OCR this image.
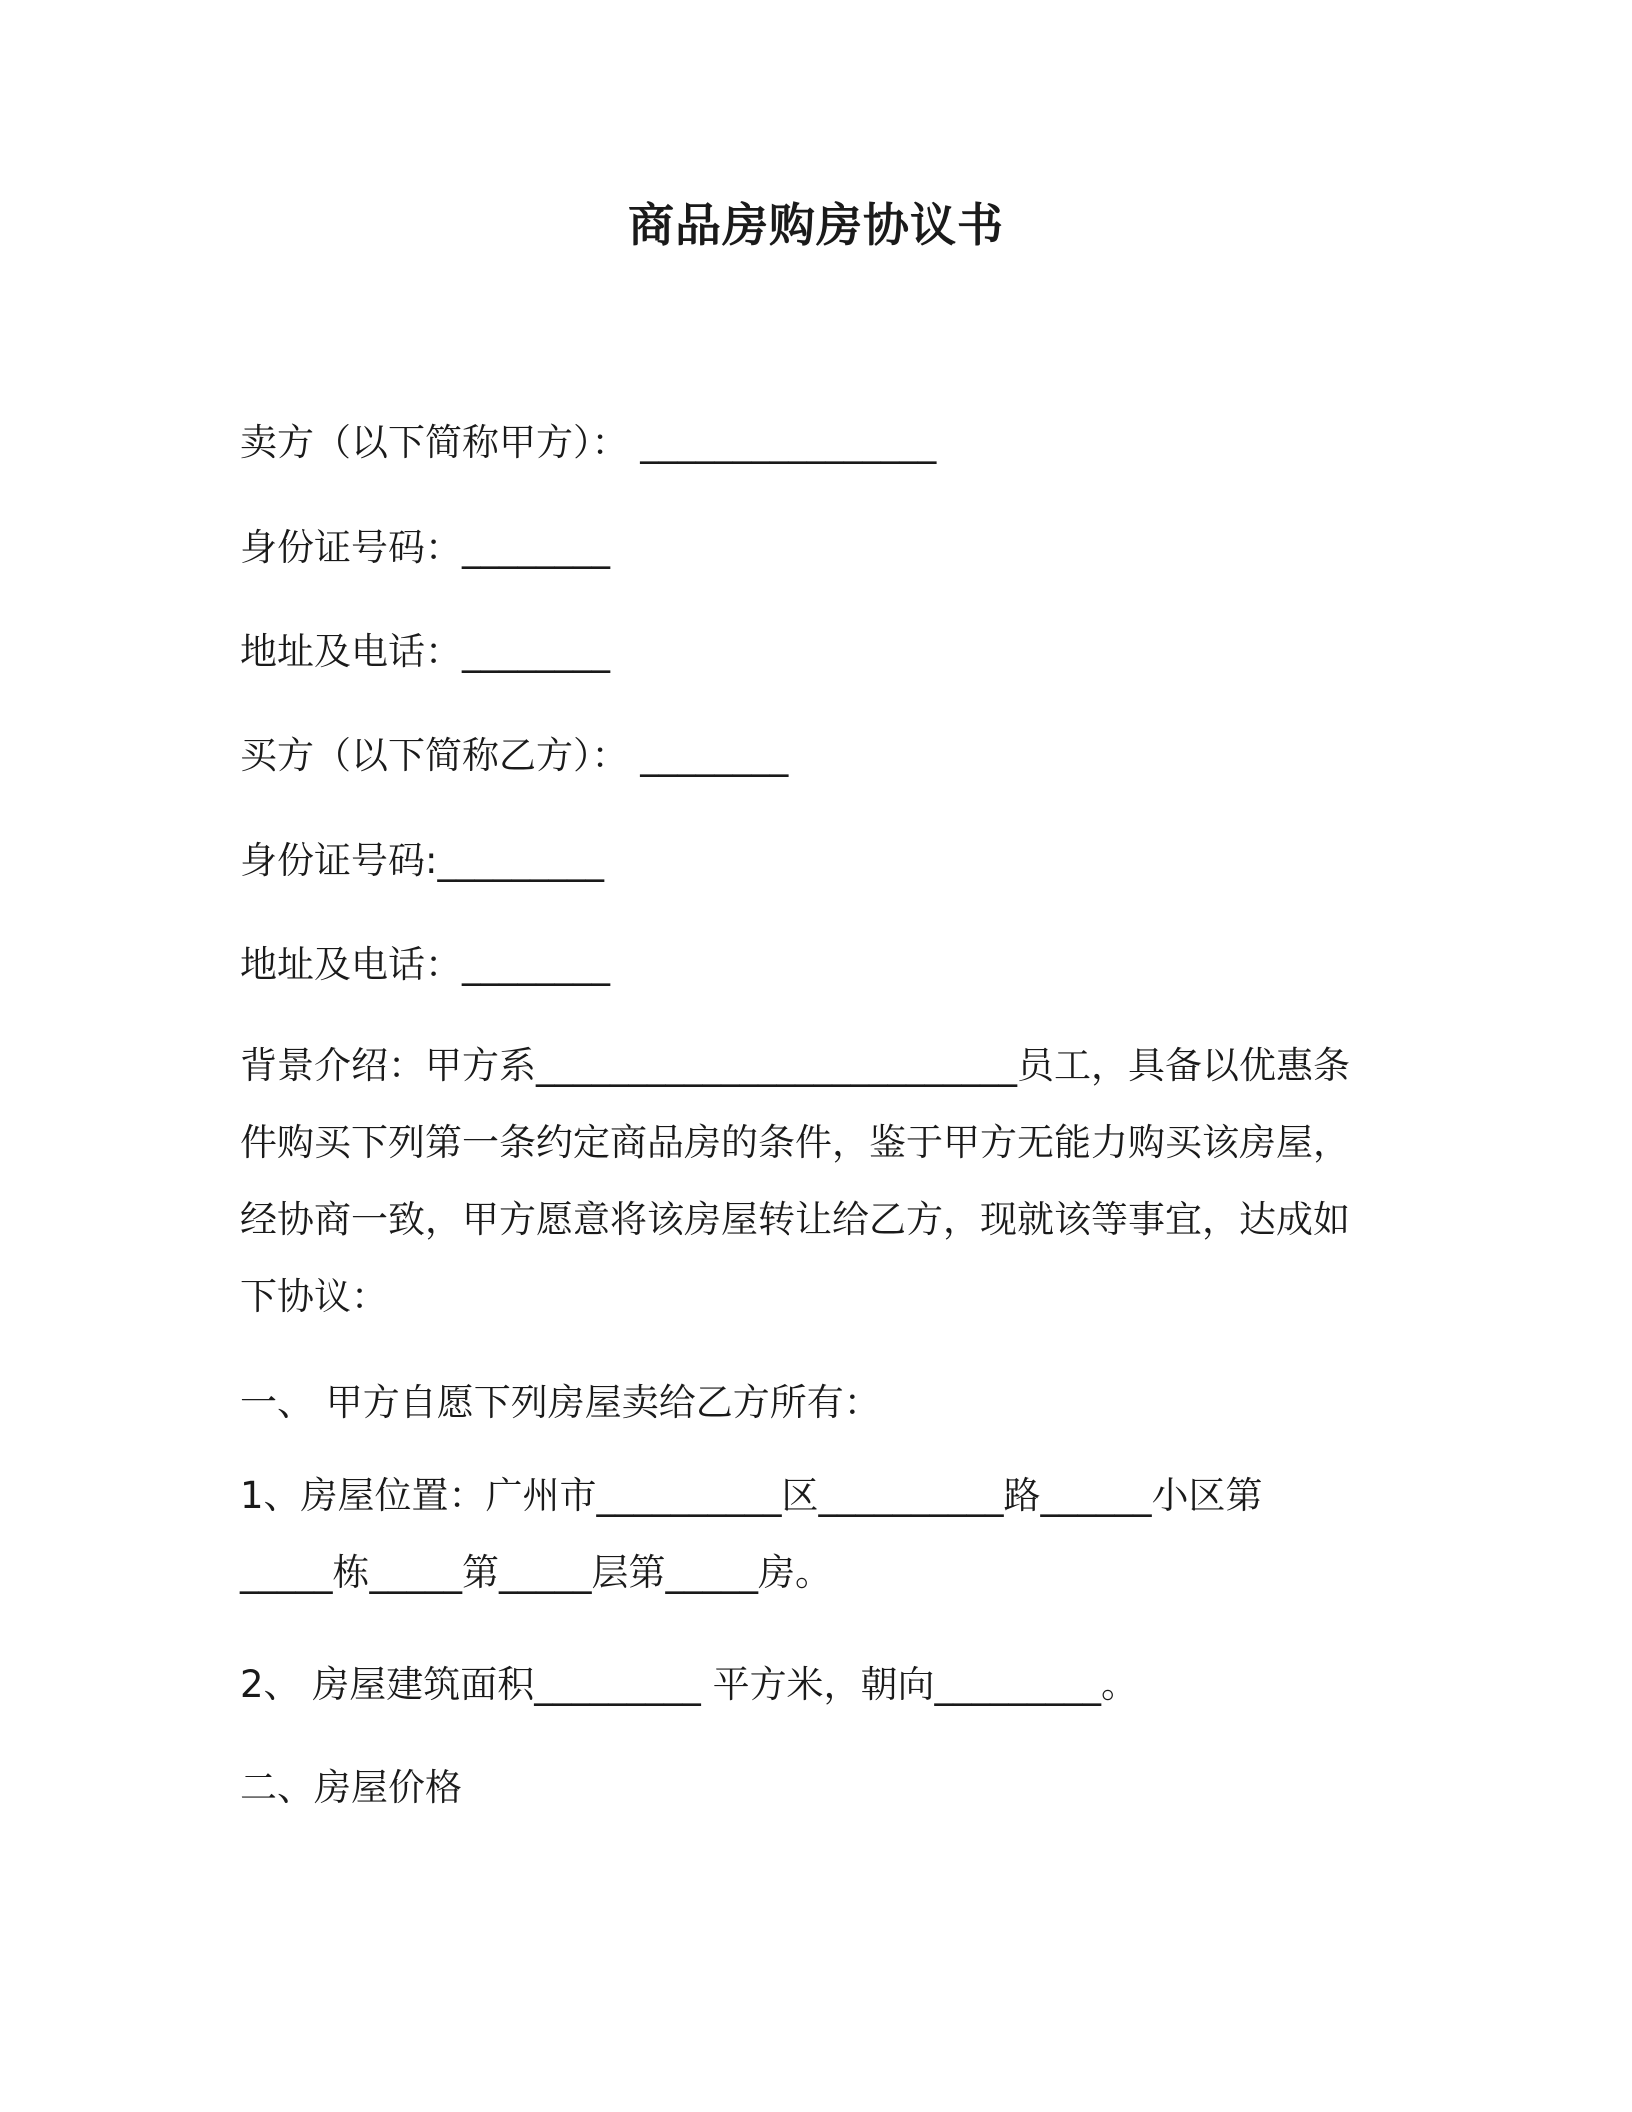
商品房购房协议书
卖方（以下简称甲方）： ________________
身份证号码：________
地址及电话：________
买方（以下简称乙方）： ________
身份证号码:_________
地址及电话：________
背景介绍：甲方系__________________________员工，具备以优惠条
件购买下列第一条约定商品房的条件，鉴于甲方无能力购买该房屋，
经协商一致，甲方愿意将该房屋转让给乙方，现就该等事宜，达成如
下协议：
一、 甲方自愿下列房屋卖给乙方所有：
1、房屋位置：广州市__________区__________路______小区第
_____栋_____第_____层第_____房。
2、 房屋建筑面积_________ 平方米，朝向_________。
二、房屋价格
